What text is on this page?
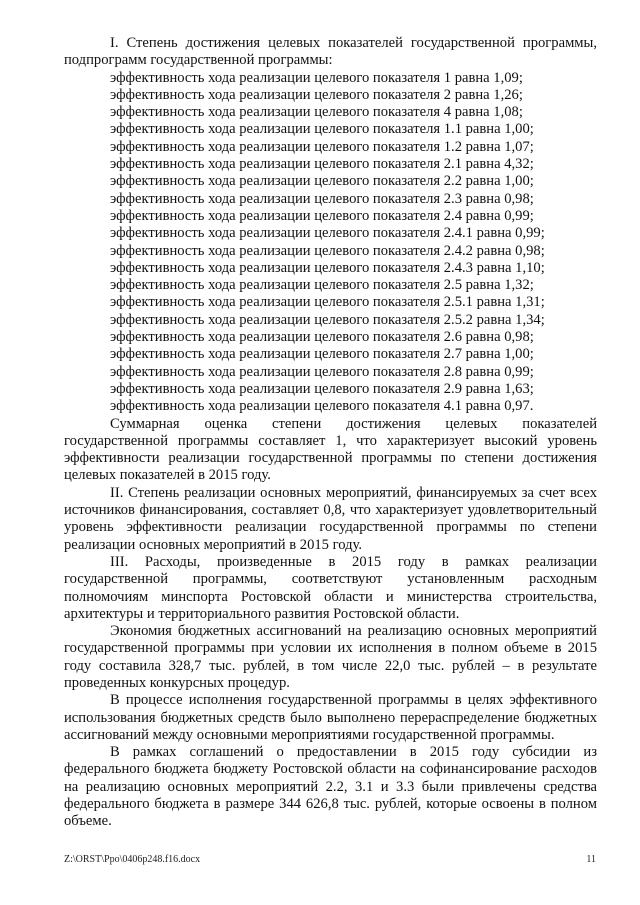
I. Степень достижения целевых показателей государственной программы, подпрограмм государственной программы:

эффективность хода реализации целевого показателя 1 равна 1,09;

эффективность хода реализации целевого показателя 2 равна 1,26;

эффективность хода реализации целевого показателя 4 равна 1,08;

эффективность хода реализации целевого показателя 1.1 равна 1,00;

эффективность хода реализации целевого показателя 1.2 равна 1,07;

эффективность хода реализации целевого показателя 2.1 равна 4,32;

эффективность хода реализации целевого показателя 2.2 равна 1,00;

эффективность хода реализации целевого показателя 2.3 равна 0,98;

эффективность хода реализации целевого показателя 2.4 равна 0,99;

эффективность хода реализации целевого показателя 2.4.1 равна 0,99;

эффективность хода реализации целевого показателя 2.4.2 равна 0,98;

эффективность хода реализации целевого показателя 2.4.3 равна 1,10;

эффективность хода реализации целевого показателя 2.5 равна 1,32;

эффективность хода реализации целевого показателя 2.5.1 равна 1,31;

эффективность хода реализации целевого показателя 2.5.2 равна 1,34;

эффективность хода реализации целевого показателя 2.6 равна 0,98;

эффективность хода реализации целевого показателя 2.7 равна 1,00;

эффективность хода реализации целевого показателя 2.8 равна 0,99;

эффективность хода реализации целевого показателя 2.9 равна 1,63;

эффективность хода реализации целевого показателя 4.1 равна 0,97.

Суммарная оценка степени достижения целевых показателей государственной программы составляет 1, что характеризует высокий уровень эффективности реализации государственной программы по степени достижения целевых показателей в 2015 году.

II. Степень реализации основных мероприятий, финансируемых за счет всех источников финансирования, составляет 0,8, что характеризует удовлетворительный уровень эффективности реализации государственной программы по степени реализации основных мероприятий в 2015 году.

III. Расходы, произведенные в 2015 году в рамках реализации государственной программы, соответствуют установленным расходным полномочиям минспорта Ростовской области и министерства строительства, архитектуры и территориального развития Ростовской области.

Экономия бюджетных ассигнований на реализацию основных мероприятий государственной программы при условии их исполнения в полном объеме в 2015 году составила 328,7 тыс. рублей, в том числе 22,0 тыс. рублей – в результате проведенных конкурсных процедур.

В процессе исполнения государственной программы в целях эффективного использования бюджетных средств было выполнено перераспределение бюджетных ассигнований между основными мероприятиями государственной программы.

В рамках соглашений о предоставлении в 2015 году субсидии из федерального бюджета бюджету Ростовской области на софинансирование расходов на реализацию основных мероприятий 2.2, 3.1 и 3.3 были привлечены средства федерального бюджета в размере 344 626,8 тыс. рублей, которые освоены в полном объеме.

Z:\ORST\Ppo\0406p248.f16.docx	11
